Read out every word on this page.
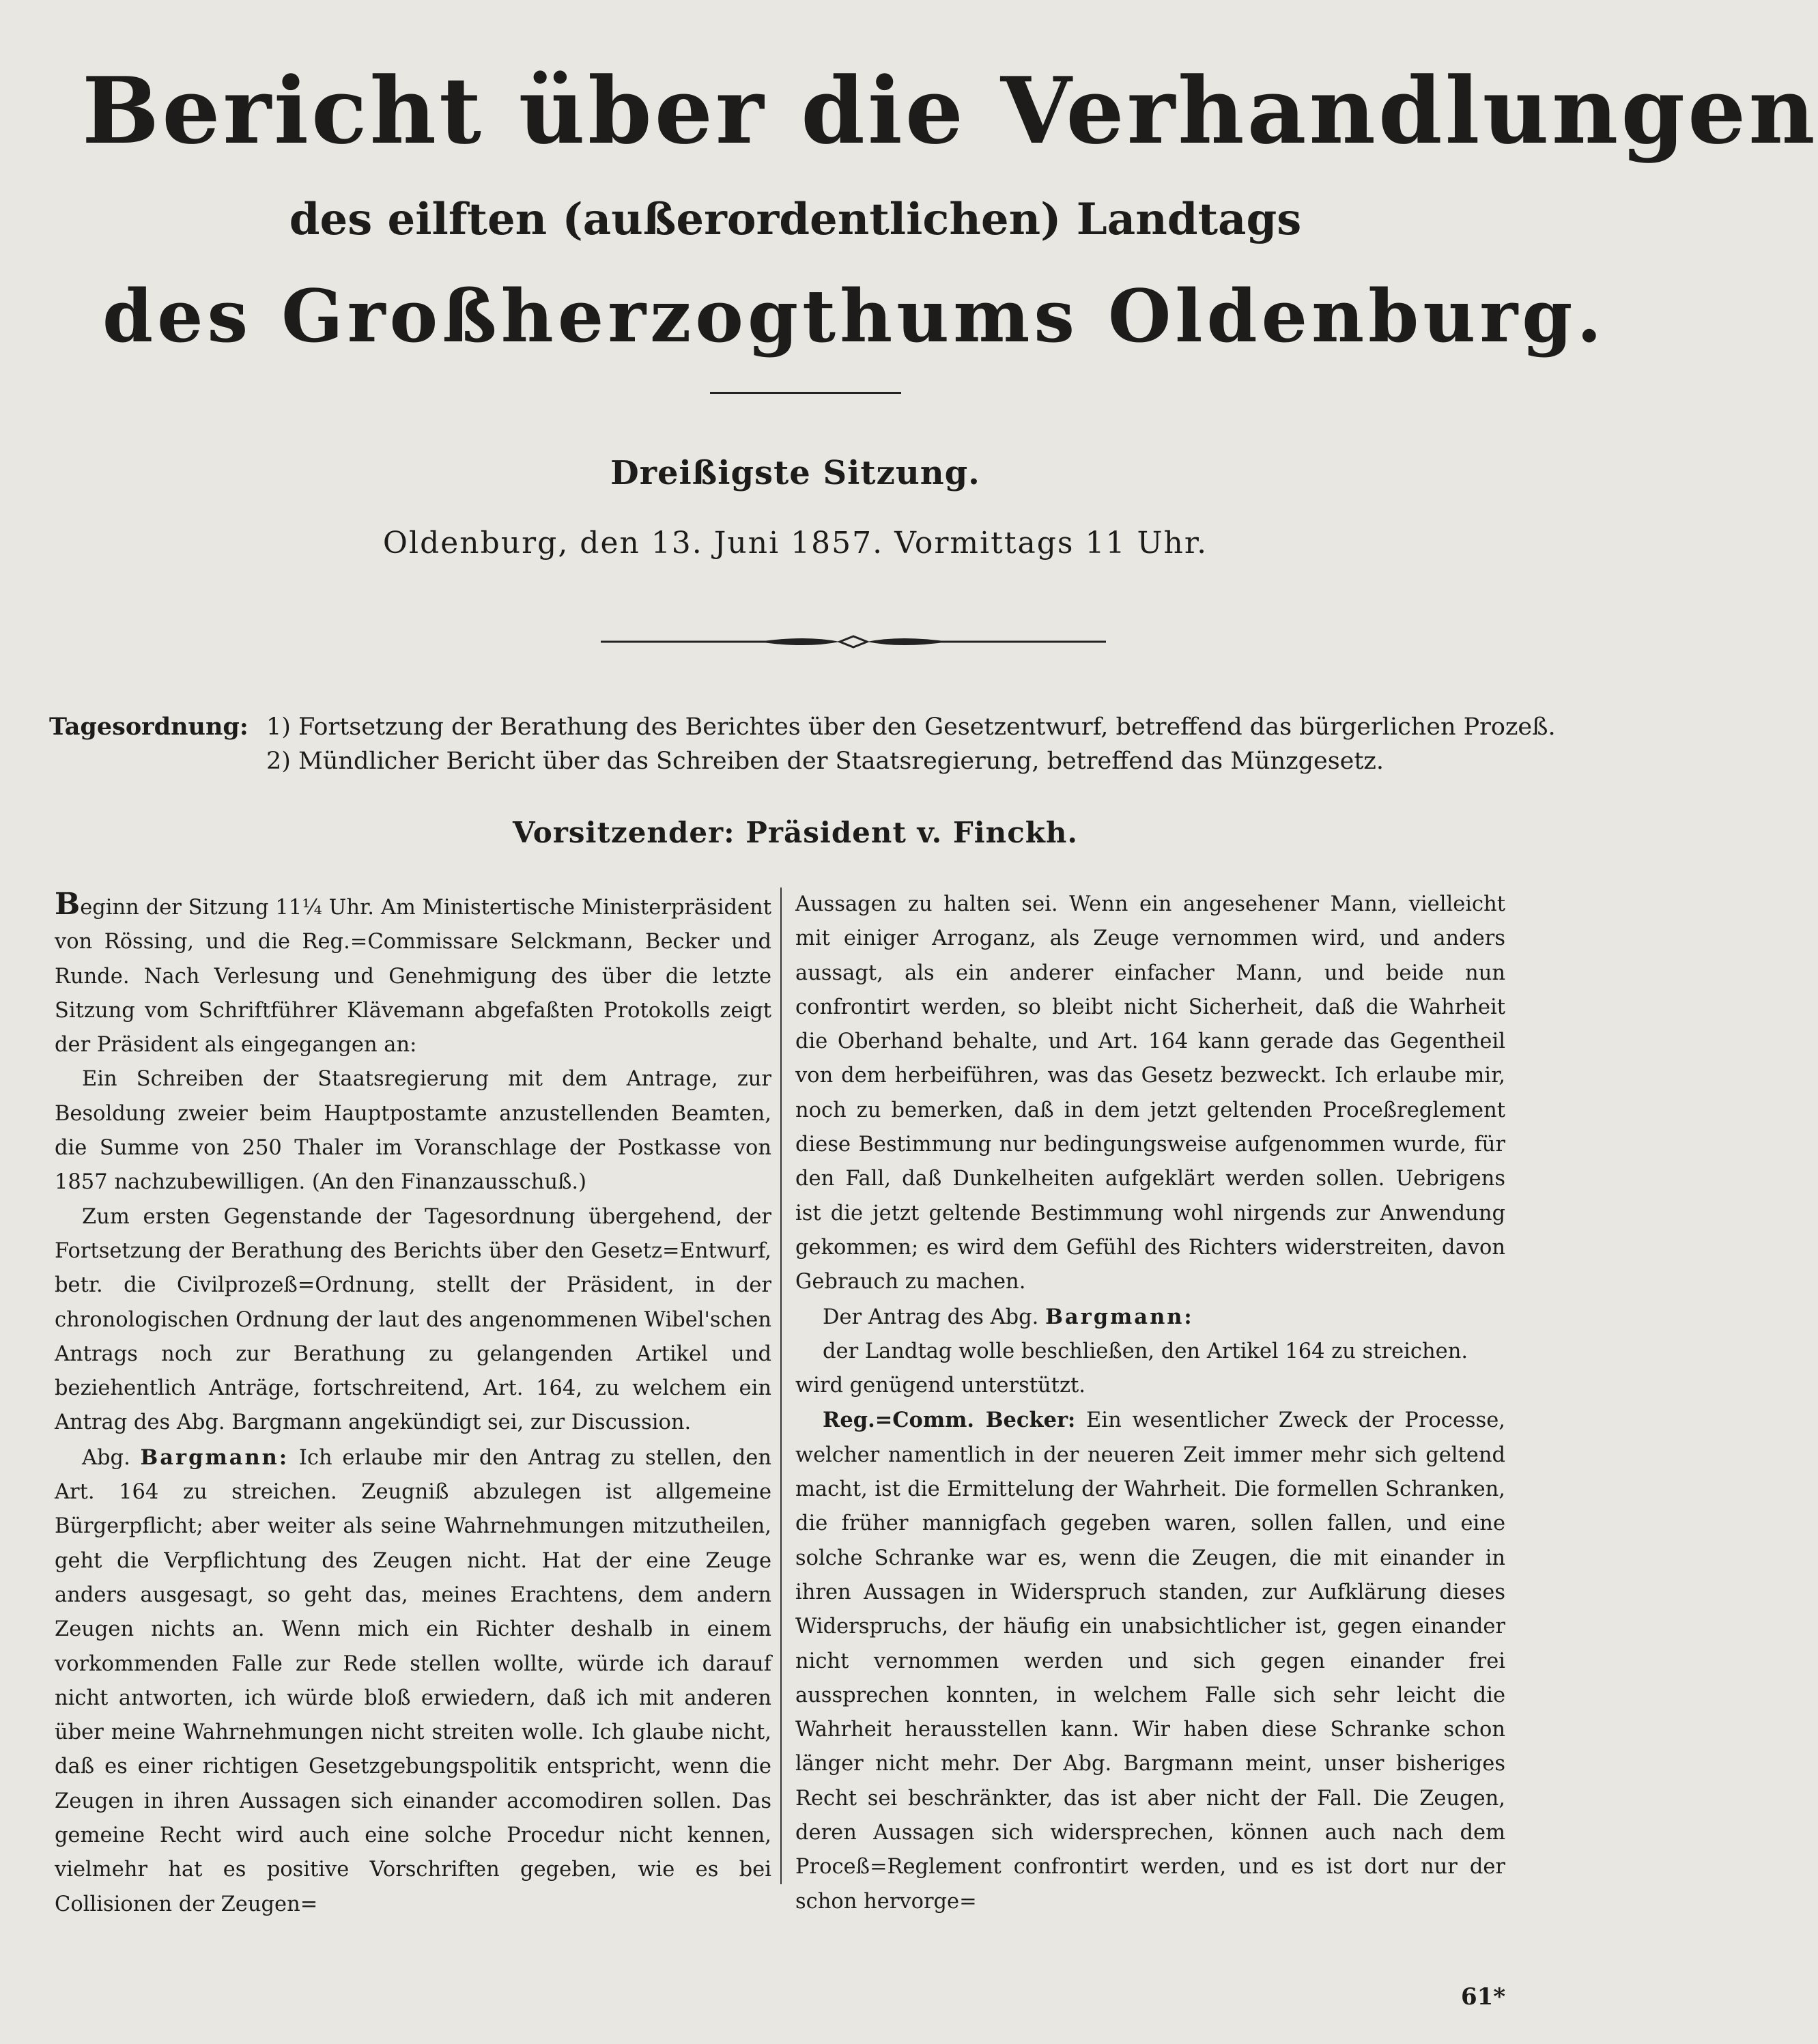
Bericht über die Verhandlungen
des eilften (außerordentlichen) Landtags
des Großherzogthums Oldenburg.
Dreißigste Sitzung.
Oldenburg, den 13. Juni 1857. Vormittags 11 Uhr.
Tagesordnung: 1) Fortsetzung der Berathung des Berichtes über den Gesetzentwurf, betreffend das bürgerlichen Prozeß.
2) Mündlicher Bericht über das Schreiben der Staatsregierung, betreffend das Münzgesetz.
Vorsitzender: Präsident v. Finckh.

Beginn der Sitzung 11¼ Uhr. Am Ministertische Ministerpräsident von Rössing, und die Reg.=Commissare Selckmann, Becker und Runde. Nach Verlesung und Genehmigung des über die letzte Sitzung vom Schriftführer Klävemann abgefaßten Protokolls zeigt der Präsident als eingegangen an:

Ein Schreiben der Staatsregierung mit dem Antrage, zur Besoldung zweier beim Hauptpostamte anzustellenden Beamten, die Summe von 250 Thaler im Voranschlage der Postkasse von 1857 nachzubewilligen. (An den Finanzausschuß.)

Zum ersten Gegenstande der Tagesordnung übergehend, der Fortsetzung der Berathung des Berichts über den Gesetz=Entwurf, betr. die Civilprozeß=Ordnung, stellt der Präsident, in der chronologischen Ordnung der laut des angenommenen Wibel'schen Antrags noch zur Berathung zu gelangenden Artikel und beziehentlich Anträge, fortschreitend, Art. 164, zu welchem ein Antrag des Abg. Bargmann angekündigt sei, zur Discussion.

Abg. Bargmann: Ich erlaube mir den Antrag zu stellen, den Art. 164 zu streichen. Zeugniß abzulegen ist allgemeine Bürgerpflicht; aber weiter als seine Wahrnehmungen mitzutheilen, geht die Verpflichtung des Zeugen nicht. Hat der eine Zeuge anders ausgesagt, so geht das, meines Erachtens, dem andern Zeugen nichts an. Wenn mich ein Richter deshalb in einem vorkommenden Falle zur Rede stellen wollte, würde ich darauf nicht antworten, ich würde bloß erwiedern, daß ich mit anderen über meine Wahrnehmungen nicht streiten wolle. Ich glaube nicht, daß es einer richtigen Gesetzgebungspolitik entspricht, wenn die Zeugen in ihren Aussagen sich einander accomodiren sollen. Das gemeine Recht wird auch eine solche Procedur nicht kennen, vielmehr hat es positive Vorschriften gegeben, wie es bei Collisionen der Zeugen=

Aussagen zu halten sei. Wenn ein angesehener Mann, vielleicht mit einiger Arroganz, als Zeuge vernommen wird, und anders aussagt, als ein anderer einfacher Mann, und beide nun confrontirt werden, so bleibt nicht Sicherheit, daß die Wahrheit die Oberhand behalte, und Art. 164 kann gerade das Gegentheil von dem herbeiführen, was das Gesetz bezweckt. Ich erlaube mir, noch zu bemerken, daß in dem jetzt geltenden Proceßreglement diese Bestimmung nur bedingungsweise aufgenommen wurde, für den Fall, daß Dunkelheiten aufgeklärt werden sollen. Uebrigens ist die jetzt geltende Bestimmung wohl nirgends zur Anwendung gekommen; es wird dem Gefühl des Richters widerstreiten, davon Gebrauch zu machen.

Der Antrag des Abg. Bargmann:

der Landtag wolle beschließen, den Artikel 164 zu streichen.

wird genügend unterstützt.

Reg.=Comm. Becker: Ein wesentlicher Zweck der Processe, welcher namentlich in der neueren Zeit immer mehr sich geltend macht, ist die Ermittelung der Wahrheit. Die formellen Schranken, die früher mannigfach gegeben waren, sollen fallen, und eine solche Schranke war es, wenn die Zeugen, die mit einander in ihren Aussagen in Widerspruch standen, zur Aufklärung dieses Widerspruchs, der häufig ein unabsichtlicher ist, gegen einander nicht vernommen werden und sich gegen einander frei aussprechen konnten, in welchem Falle sich sehr leicht die Wahrheit herausstellen kann. Wir haben diese Schranke schon länger nicht mehr. Der Abg. Bargmann meint, unser bisheriges Recht sei beschränkter, das ist aber nicht der Fall. Die Zeugen, deren Aussagen sich widersprechen, können auch nach dem Proceß=Reglement confrontirt werden, und es ist dort nur der schon hervorge=

61*
